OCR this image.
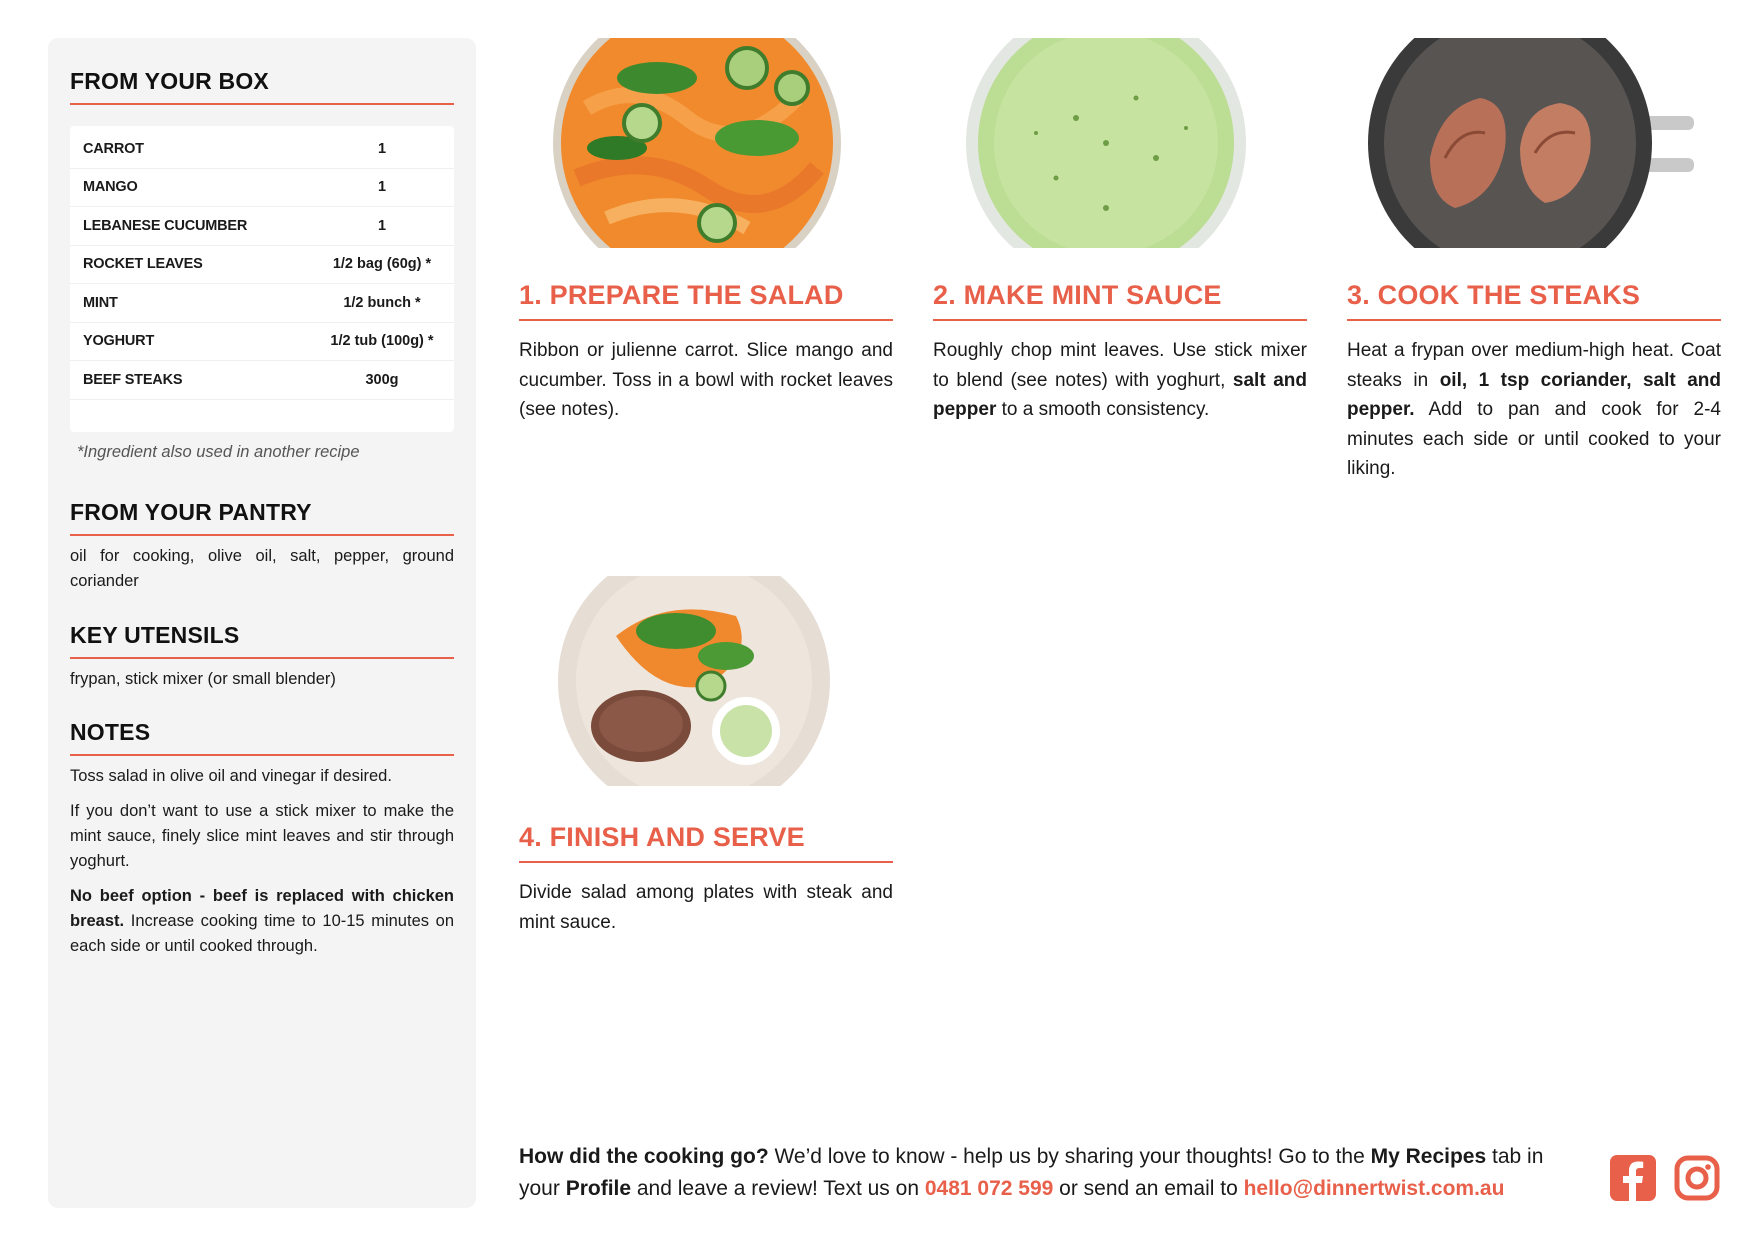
FROM YOUR BOX
CARROT	1
MANGO	1
LEBANESE CUCUMBER	1
ROCKET LEAVES	1/2 bag (60g) *
MINT	1/2 bunch *
YOGHURT	1/2 tub (100g) *
BEEF STEAKS	300g
*Ingredient also used in another recipe
FROM YOUR PANTRY
oil for cooking, olive oil, salt, pepper, ground coriander
KEY UTENSILS
frypan, stick mixer (or small blender)
NOTES
Toss salad in olive oil and vinegar if desired.
If you don’t want to use a stick mixer to make the mint sauce, finely slice mint leaves and stir through yoghurt.
No beef option - beef is replaced with chicken breast. Increase cooking time to 10-15 minutes on each side or until cooked through.
1. PREPARE THE SALAD
Ribbon or julienne carrot. Slice mango and cucumber. Toss in a bowl with rocket leaves (see notes).
2. MAKE MINT SAUCE
Roughly chop mint leaves. Use stick mixer to blend (see notes) with yoghurt, salt and pepper to a smooth consistency.
3. COOK THE STEAKS
Heat a frypan over medium-high heat. Coat steaks in oil, 1 tsp coriander, salt and pepper. Add to pan and cook for 2-4 minutes each side or until cooked to your liking.
4. FINISH AND SERVE
Divide salad among plates with steak and mint sauce.
How did the cooking go? We’d love to know - help us by sharing your thoughts! Go to the My Recipes tab in your Profile and leave a review! Text us on 0481 072 599 or send an email to hello@dinnertwist.com.au
